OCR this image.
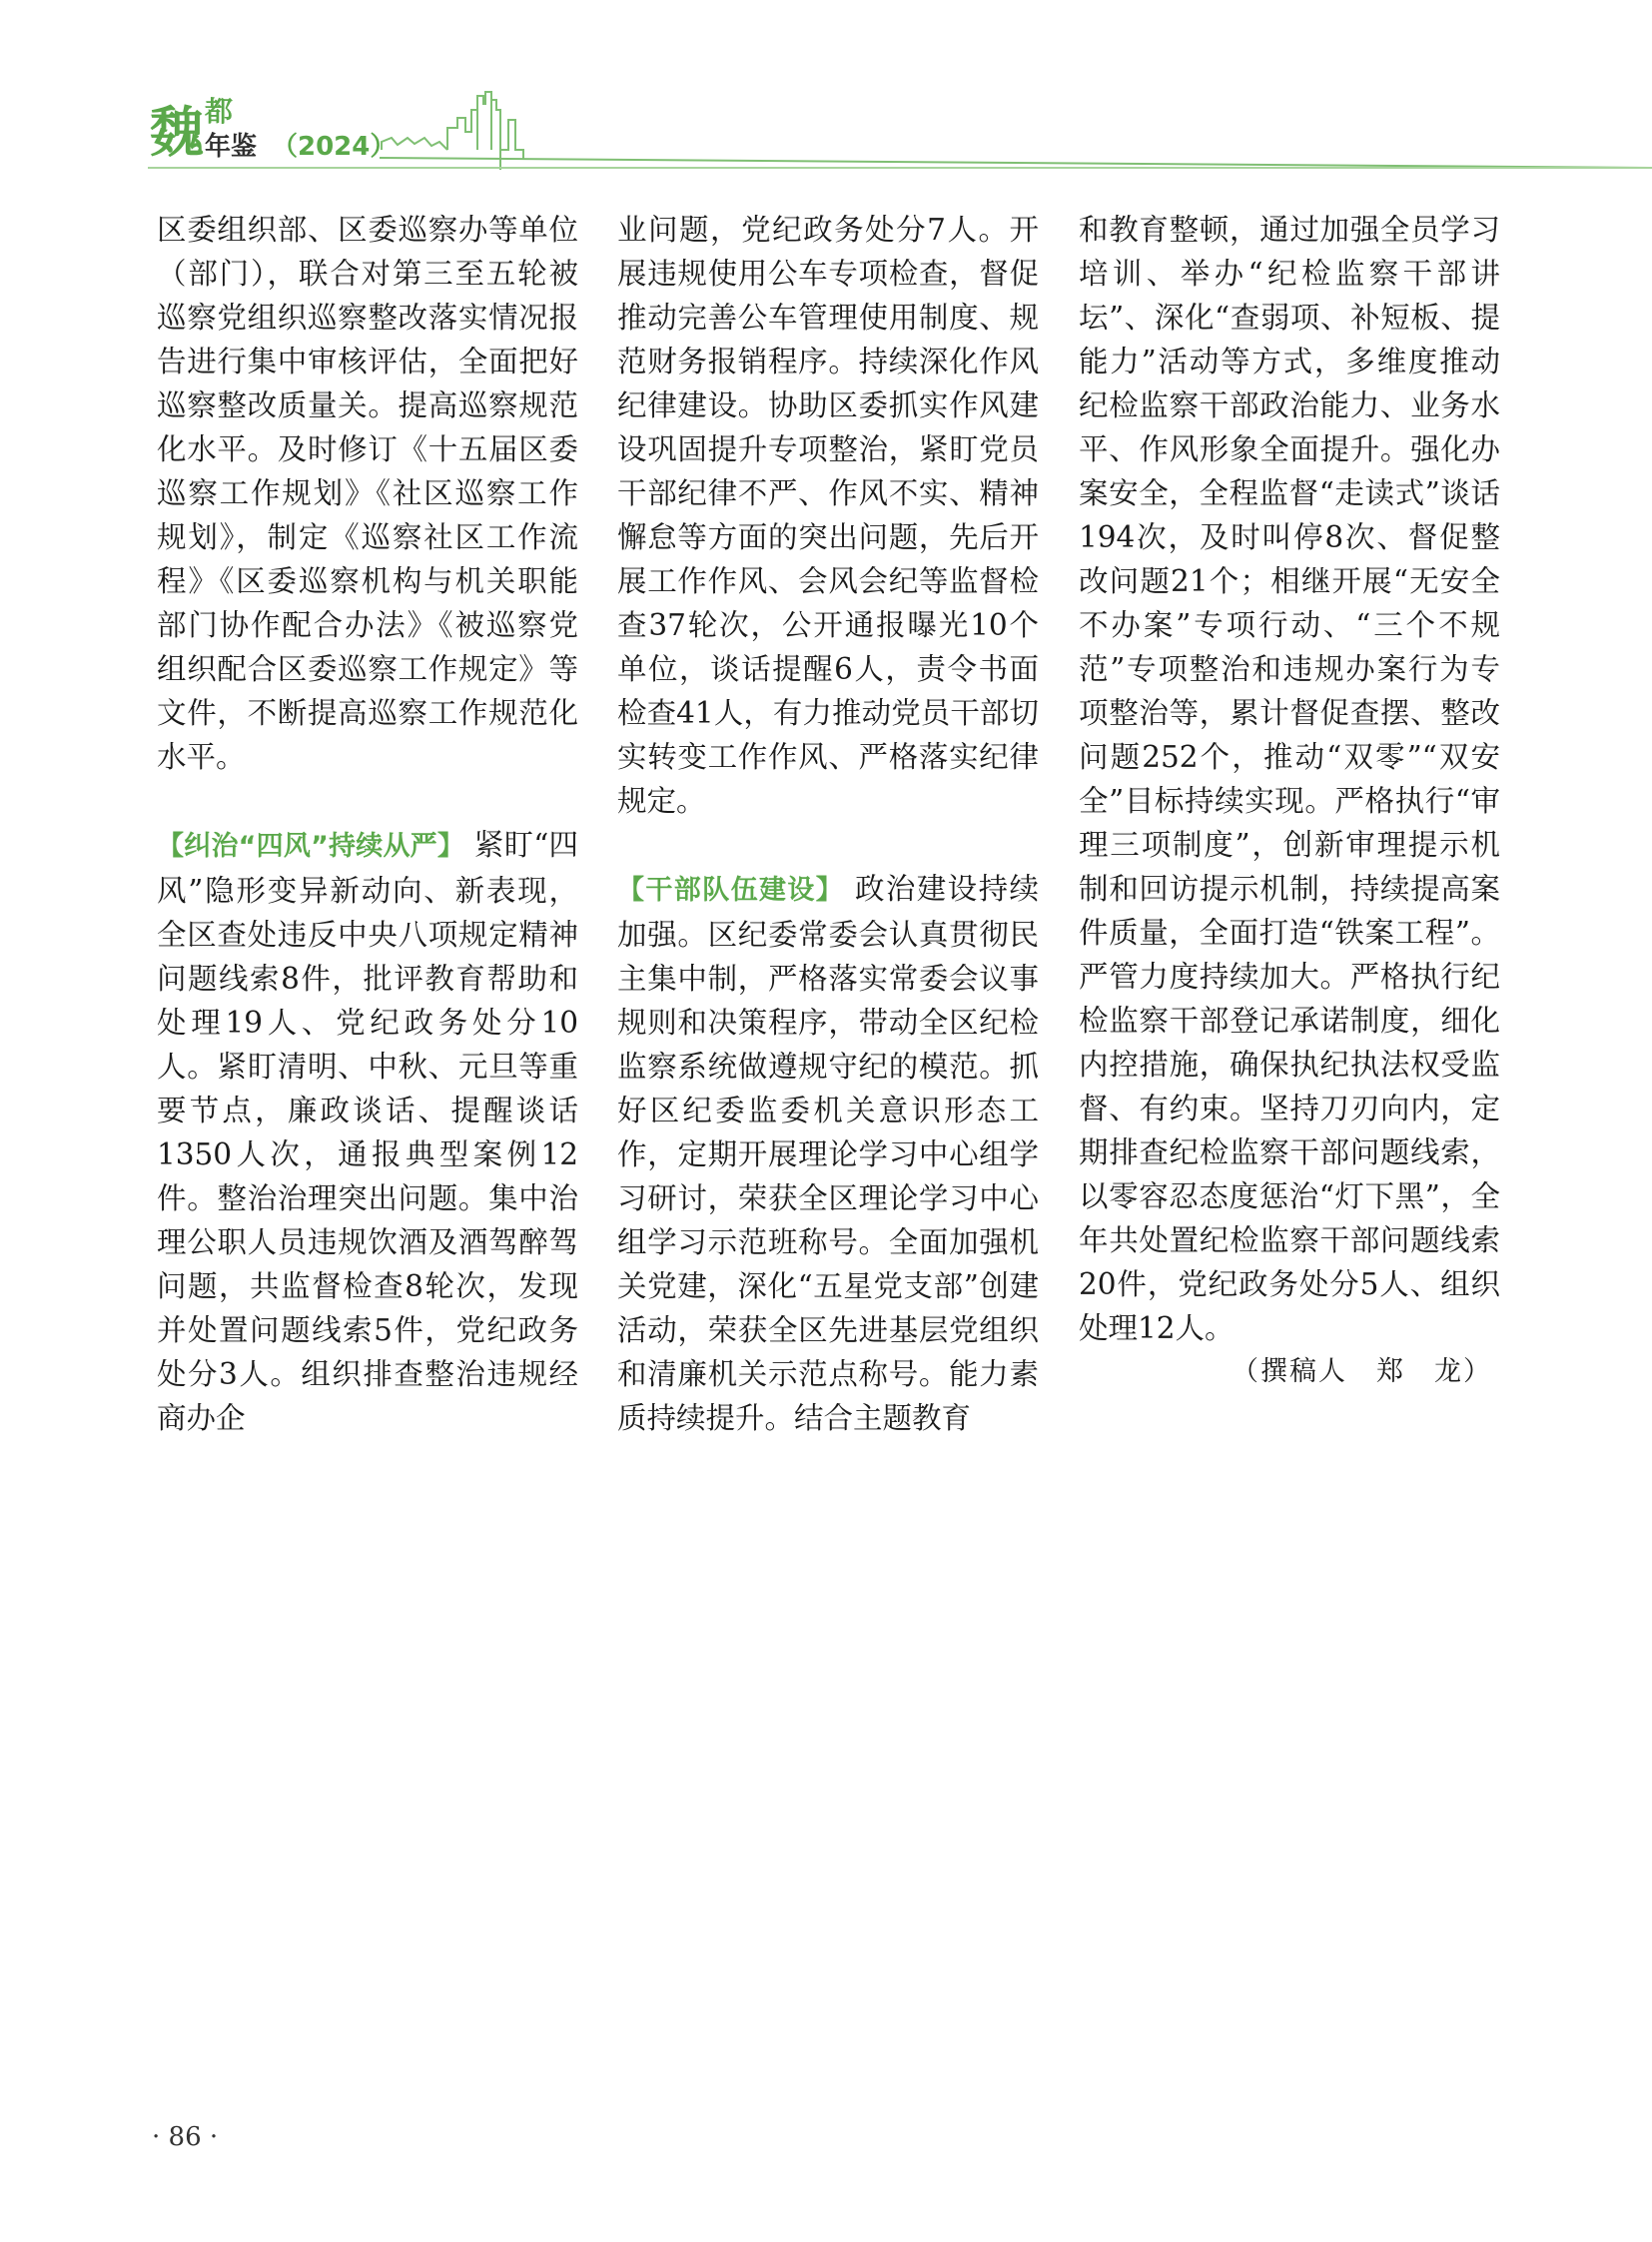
魏 都
年鉴 （2024）

区委组织部、区委巡察办等单位（部门），联合对第三至五轮被巡察党组织巡察整改落实情况报告进行集中审核评估，全面把好巡察整改质量关。提高巡察规范化水平。及时修订《十五届区委巡察工作规划》《社区巡察工作规划》，制定《巡察社区工作流程》《区委巡察机构与机关职能部门协作配合办法》《被巡察党组织配合区委巡察工作规定》等文件，不断提高巡察工作规范化水平。

【纠治“四风”持续从严】 紧盯“四风”隐形变异新动向、新表现，全区查处违反中央八项规定精神问题线索8件，批评教育帮助和处理19人、党纪政务处分10人。紧盯清明、中秋、元旦等重要节点，廉政谈话、提醒谈话1350人次，通报典型案例12件。整治治理突出问题。集中治理公职人员违规饮酒及酒驾醉驾问题，共监督检查8轮次，发现并处置问题线索5件，党纪政务处分3人。组织排查整治违规经商办企

业问题，党纪政务处分7人。开展违规使用公车专项检查，督促推动完善公车管理使用制度、规范财务报销程序。持续深化作风纪律建设。协助区委抓实作风建设巩固提升专项整治，紧盯党员干部纪律不严、作风不实、精神懈怠等方面的突出问题，先后开展工作作风、会风会纪等监督检查37轮次，公开通报曝光10个单位，谈话提醒6人，责令书面检查41人，有力推动党员干部切实转变工作作风、严格落实纪律规定。

【干部队伍建设】 政治建设持续加强。区纪委常委会认真贯彻民主集中制，严格落实常委会议事规则和决策程序，带动全区纪检监察系统做遵规守纪的模范。抓好区纪委监委机关意识形态工作，定期开展理论学习中心组学习研讨，荣获全区理论学习中心组学习示范班称号。全面加强机关党建，深化“五星党支部”创建活动，荣获全区先进基层党组织和清廉机关示范点称号。能力素质持续提升。结合主题教育

和教育整顿，通过加强全员学习培训、举办“纪检监察干部讲坛”、深化“查弱项、补短板、提能力”活动等方式，多维度推动纪检监察干部政治能力、业务水平、作风形象全面提升。强化办案安全，全程监督“走读式”谈话194次，及时叫停8次、督促整改问题21个；相继开展“无安全不办案”专项行动、“三个不规范”专项整治和违规办案行为专项整治等，累计督促查摆、整改问题252个，推动“双零”“双安全”目标持续实现。严格执行“审理三项制度”，创新审理提示机制和回访提示机制，持续提高案件质量，全面打造“铁案工程”。严管力度持续加大。严格执行纪检监察干部登记承诺制度，细化内控措施，确保执纪执法权受监督、有约束。坚持刀刃向内，定期排查纪检监察干部问题线索，以零容忍态度惩治“灯下黑”，全年共处置纪检监察干部问题线索20件，党纪政务处分5人、组织处理12人。

（撰稿人　郑　龙）

· 86 ·
